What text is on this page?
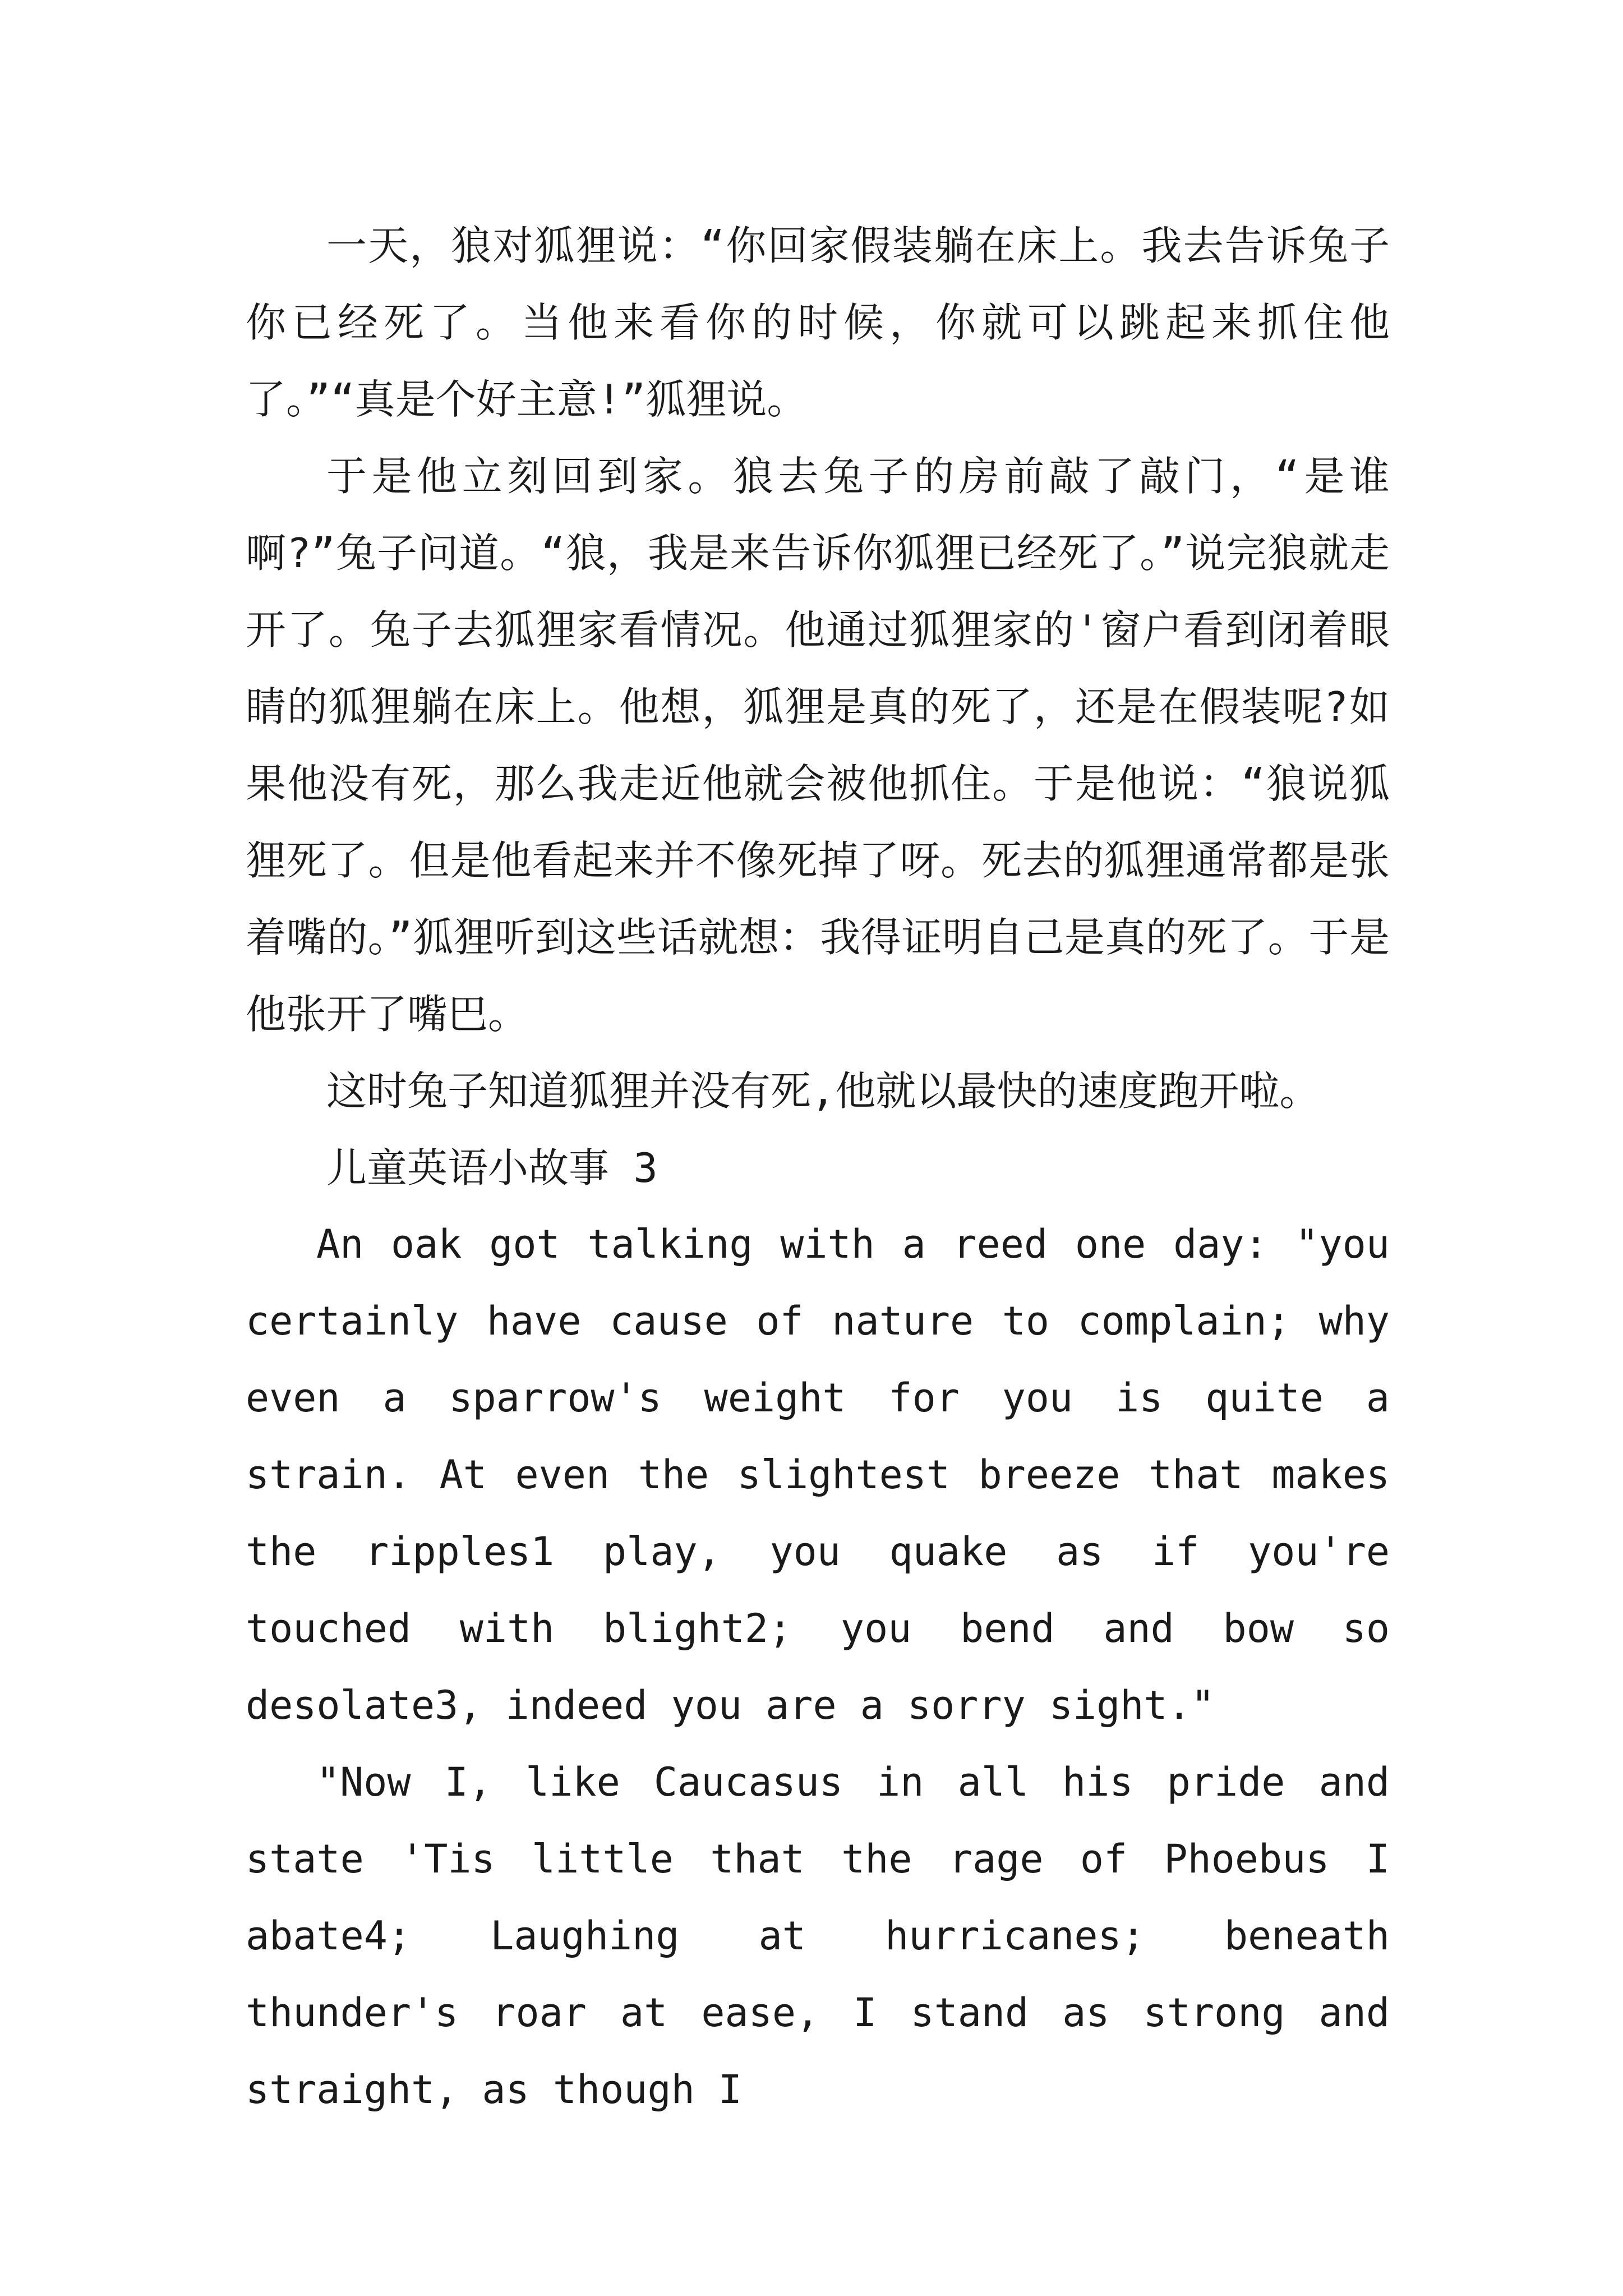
一天，狼对狐狸说：“你回家假装躺在床上。我去告诉兔子你已经死了。当他来看你的时候，你就可以跳起来抓住他了。”“真是个好主意!”狐狸说。

于是他立刻回到家。狼去兔子的房前敲了敲门，“是谁啊?”兔子问道。“狼，我是来告诉你狐狸已经死了。”说完狼就走开了。兔子去狐狸家看情况。他通过狐狸家的'窗户看到闭着眼睛的狐狸躺在床上。他想，狐狸是真的死了，还是在假装呢?如果他没有死，那么我走近他就会被他抓住。于是他说：“狼说狐狸死了。但是他看起来并不像死掉了呀。死去的狐狸通常都是张着嘴的。”狐狸听到这些话就想：我得证明自己是真的死了。于是他张开了嘴巴。

这时兔子知道狐狸并没有死,他就以最快的速度跑开啦。

儿童英语小故事 3

An oak got talking with a reed one day: "you certainly have cause of nature to complain; why even a sparrow's weight for you is quite a strain. At even the slightest breeze that makes the ripples1 play, you quake as if you're touched with blight2; you bend and bow so desolate3, indeed you are a sorry sight."

"Now I, like Caucasus in all his pride and state 'Tis little that the rage of Phoebus I abate4; Laughing at hurricanes; beneath thunder's roar at ease, I stand as strong and straight, as though I
